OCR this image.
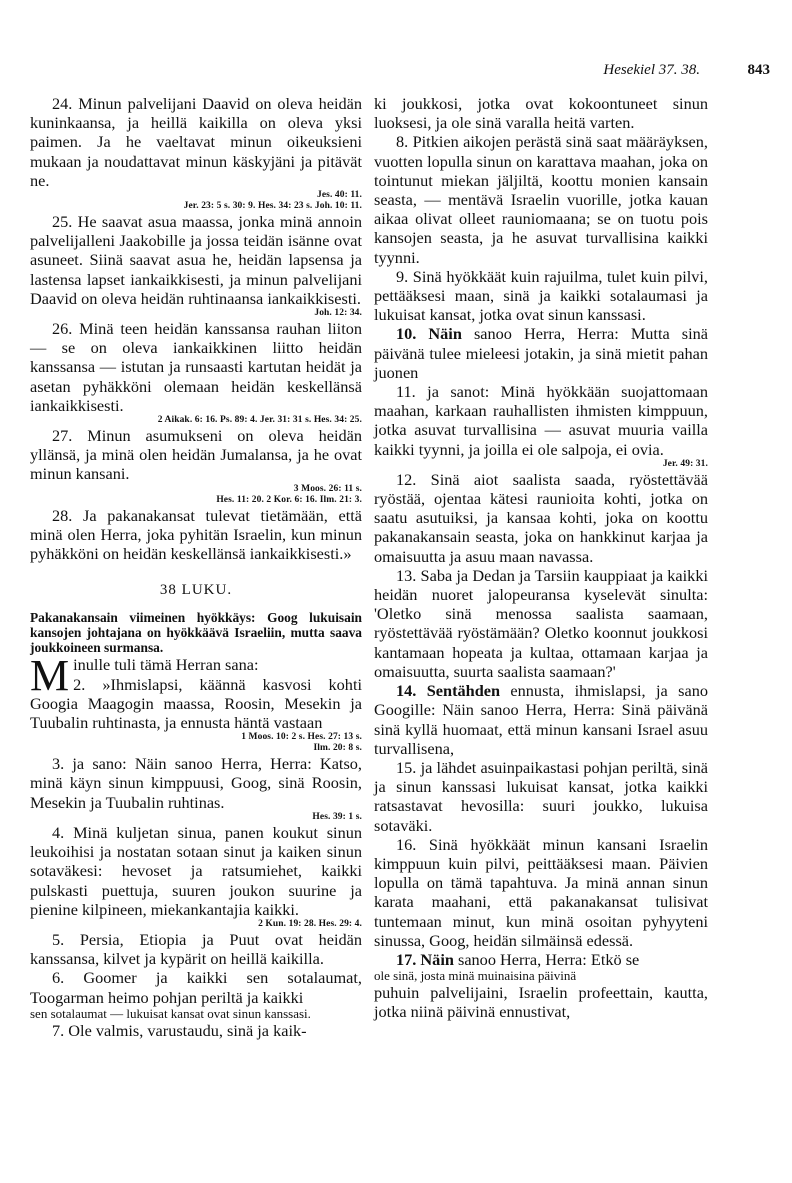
Hesekiel 37. 38.	843

24. Minun palvelijani Daavid on oleva heidän kuninkaansa, ja heillä kaikilla on oleva yksi paimen. Ja he vaeltavat minun oikeuksieni mukaan ja noudattavat minun käskyjäni ja pitävät ne.

Jes. 40: 11.
Jer. 23: 5 s. 30: 9. Hes. 34: 23 s. Joh. 10: 11.

25. He saavat asua maassa, jonka minä annoin palvelijalleni Jaakobille ja jossa teidän isänne ovat asuneet. Siinä saavat asua he, heidän lapsensa ja lastensa lapset iankaikkisesti, ja minun palvelijani Daavid on oleva heidän ruhtinaansa iankaikkisesti.

Joh. 12: 34.

26. Minä teen heidän kanssansa rauhan liiton — se on oleva iankaikkinen liitto heidän kanssansa — istutan ja runsaasti kartutan heidät ja asetan pyhäkköni olemaan heidän keskellänsä iankaikkisesti.

2 Aikak. 6: 16. Ps. 89: 4. Jer. 31: 31 s. Hes. 34: 25.

27. Minun asumukseni on oleva heidän yllänsä, ja minä olen heidän Jumalansa, ja he ovat minun kansani.

3 Moos. 26: 11 s.
Hes. 11: 20. 2 Kor. 6: 16. Ilm. 21: 3.

28. Ja pakanakansat tulevat tietämään, että minä olen Herra, joka pyhitän Israelin, kun minun pyhäkköni on heidän keskellänsä iankaikkisesti.»

38 LUKU.

Pakanakansain viimeinen hyökkäys: Goog lukuisain kansojen johtajana on hyökkäävä Israeliin, mutta saava joukkoineen surmansa.

Minulle tuli tämä Herran sana:

2. »Ihmislapsi, käännä kasvosi kohti Googia Maagogin maassa, Roosin, Mesekin ja Tuubalin ruhtinasta, ja ennusta häntä vastaan

1 Moos. 10: 2 s. Hes. 27: 13 s.
Ilm. 20: 8 s.

3. ja sano: Näin sanoo Herra, Herra: Katso, minä käyn sinun kimppuusi, Goog, sinä Roosin, Mesekin ja Tuubalin ruhtinas.

Hes. 39: 1 s.

4. Minä kuljetan sinua, panen koukut sinun leukoihisi ja nostatan sotaan sinut ja kaiken sinun sotaväkesi: hevoset ja ratsumiehet, kaikki pulskasti puettuja, suuren joukon suurine ja pienine kilpineen, miekankantajia kaikki.

2 Kun. 19: 28. Hes. 29: 4.

5. Persia, Etiopia ja Puut ovat heidän kanssansa, kilvet ja kypärit on heillä kaikilla.

6. Goomer ja kaikki sen sotalaumat, Toogarman heimo pohjan periltä ja kaikki

sen sotalaumat — lukuisat kansat ovat sinun kanssasi.

7. Ole valmis, varustaudu, sinä ja kaik-

ki joukkosi, jotka ovat kokoontuneet sinun luoksesi, ja ole sinä varalla heitä varten.

8. Pitkien aikojen perästä sinä saat määräyksen, vuotten lopulla sinun on karattava maahan, joka on tointunut miekan jäljiltä, koottu monien kansain seasta, — mentävä Israelin vuorille, jotka kauan aikaa olivat olleet rauniomaana; se on tuotu pois kansojen seasta, ja he asuvat turvallisina kaikki tyynni.

9. Sinä hyökkäät kuin rajuilma, tulet kuin pilvi, pettääksesi maan, sinä ja kaikki sotalaumasi ja lukuisat kansat, jotka ovat sinun kanssasi.

10. Näin sanoo Herra, Herra: Mutta sinä päivänä tulee mieleesi jotakin, ja sinä mietit pahan juonen

11. ja sanot: Minä hyökkään suojattomaan maahan, karkaan rauhallisten ihmisten kimppuun, jotka asuvat turvallisina — asuvat muuria vailla kaikki tyynni, ja joilla ei ole salpoja, ei ovia.

Jer. 49: 31.

12. Sinä aiot saalista saada, ryöstettävää ryöstää, ojentaa kätesi raunioita kohti, jotka on saatu asutuiksi, ja kansaa kohti, joka on koottu pakanakansain seasta, joka on hankkinut karjaa ja omaisuutta ja asuu maan navassa.

13. Saba ja Dedan ja Tarsiin kauppiaat ja kaikki heidän nuoret jalopeuransa kyselevät sinulta: 'Oletko sinä menossa saalista saamaan, ryöstettävää ryöstämään? Oletko koonnut joukkosi kantamaan hopeata ja kultaa, ottamaan karjaa ja omaisuutta, suurta saalista saamaan?'

14. Sentähden ennusta, ihmislapsi, ja sano Googille: Näin sanoo Herra, Herra: Sinä päivänä sinä kyllä huomaat, että minun kansani Israel asuu turvallisena,

15. ja lähdet asuinpaikastasi pohjan periltä, sinä ja sinun kanssasi lukuisat kansat, jotka kaikki ratsastavat hevosilla: suuri joukko, lukuisa sotaväki.

16. Sinä hyökkäät minun kansani Israelin kimppuun kuin pilvi, peittääksesi maan. Päivien lopulla on tämä tapahtuva. Ja minä annan sinun karata maahani, että pakanakansat tulisivat tuntemaan minut, kun minä osoitan pyhyyteni sinussa, Goog, heidän silmäinsä edessä.

17. Näin sanoo Herra, Herra: Etkö se

ole sinä, josta minä muinaisina päivinä

puhuin palvelijaini, Israelin profeettain, kautta, jotka niinä päivinä ennustivat,
